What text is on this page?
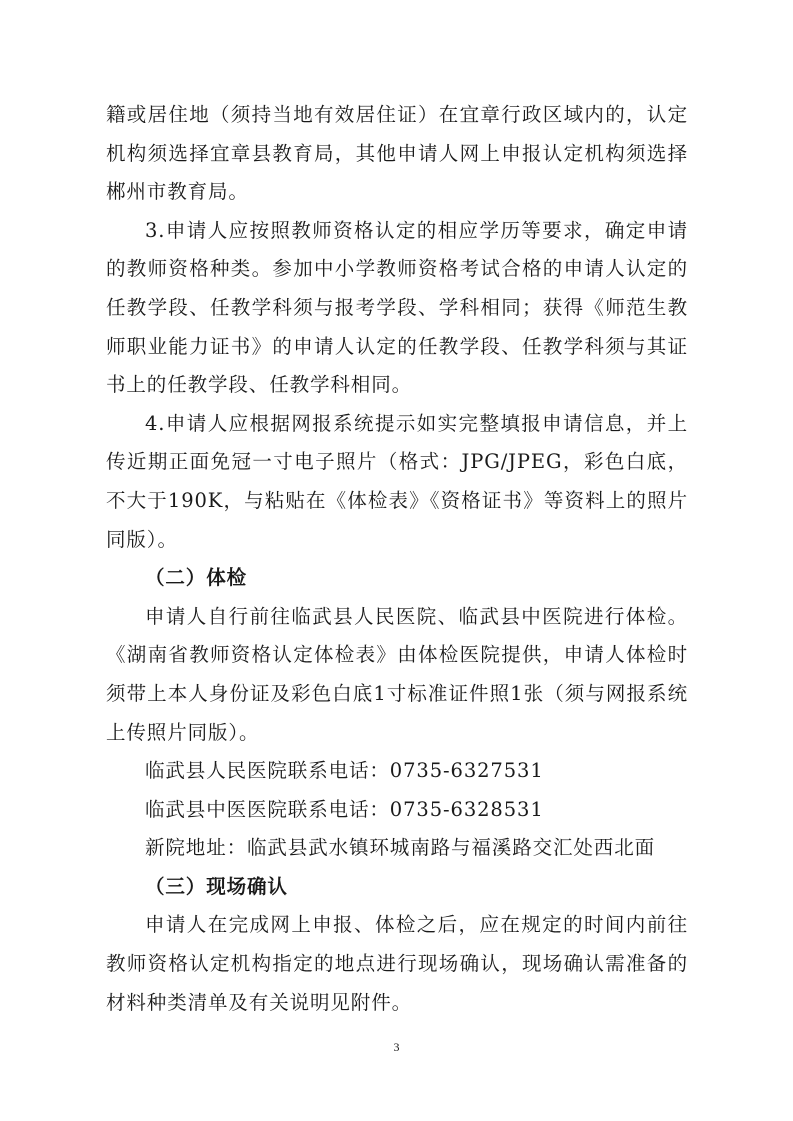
籍或居住地（须持当地有效居住证）在宜章行政区域内的，认定机构须选择宜章县教育局，其他申请人网上申报认定机构须选择郴州市教育局。

3.申请人应按照教师资格认定的相应学历等要求，确定申请的教师资格种类。参加中小学教师资格考试合格的申请人认定的任教学段、任教学科须与报考学段、学科相同；获得《师范生教师职业能力证书》的申请人认定的任教学段、任教学科须与其证书上的任教学段、任教学科相同。

4.申请人应根据网报系统提示如实完整填报申请信息，并上传近期正面免冠一寸电子照片（格式：JPG/JPEG，彩色白底，不大于190K，与粘贴在《体检表》《资格证书》等资料上的照片同版）。

（二）体检

申请人自行前往临武县人民医院、临武县中医院进行体检。《湖南省教师资格认定体检表》由体检医院提供，申请人体检时须带上本人身份证及彩色白底1寸标准证件照1张（须与网报系统上传照片同版）。

临武县人民医院联系电话：0735-6327531

临武县中医医院联系电话：0735-6328531

新院地址：临武县武水镇环城南路与福溪路交汇处西北面

（三）现场确认

申请人在完成网上申报、体检之后，应在规定的时间内前往教师资格认定机构指定的地点进行现场确认，现场确认需准备的材料种类清单及有关说明见附件。

3
